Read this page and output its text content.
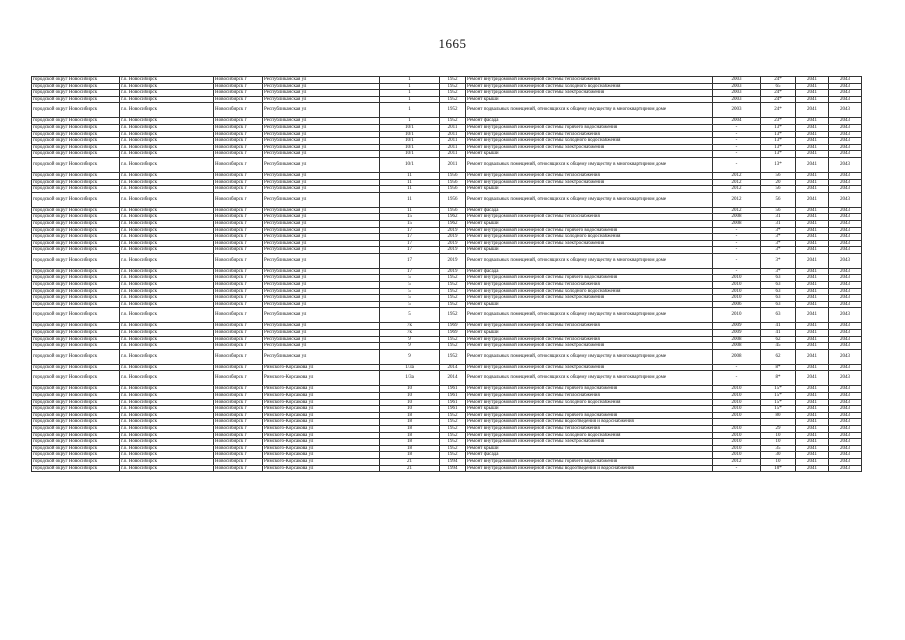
1665
городской округ Новосибирск	г.о. Новосибирск	Новосибирск г	Республиканская ул	1	1952	Ремонт внутридомовой инженерной системы теплоснабжения	2003	24*	2041	2043
городской округ Новосибирск	г.о. Новосибирск	Новосибирск г	Республиканская ул	1	1952	Ремонт внутридомовой инженерной системы холодного водоснабжения	2003	65	2041	2043
городской округ Новосибирск	г.о. Новосибирск	Новосибирск г	Республиканская ул	1	1952	Ремонт внутридомовой инженерной системы электроснабжения	2003	24*	2041	2043
городской округ Новосибирск	г.о. Новосибирск	Новосибирск г	Республиканская ул	1	1952	Ремонт крыши	2003	24*	2041	2043
городской округ Новосибирск	г.о. Новосибирск	Новосибирск г	Республиканская ул	1	1952	Ремонт подвальных помещений, относящихся к общему имуществу в многоквартирном доме	2003	24*	2041	2043
городской округ Новосибирск	г.о. Новосибирск	Новосибирск г	Республиканская ул	1	1952	Ремонт фасада	2004	23*	2041	2043
городской округ Новосибирск	г.о. Новосибирск	Новосибирск г	Республиканская ул	10/1	2011	Ремонт внутридомовой инженерной системы горячего водоснабжения	-	13*	2041	2043
городской округ Новосибирск	г.о. Новосибирск	Новосибирск г	Республиканская ул	10/1	2011	Ремонт внутридомовой инженерной системы теплоснабжения	-	13*	2041	2043
городской округ Новосибирск	г.о. Новосибирск	Новосибирск г	Республиканская ул	10/1	2011	Ремонт внутридомовой инженерной системы холодного водоснабжения	-	13*	2041	2043
городской округ Новосибирск	г.о. Новосибирск	Новосибирск г	Республиканская ул	10/1	2011	Ремонт внутридомовой инженерной системы электроснабжения	-	13*	2041	2043
городской округ Новосибирск	г.о. Новосибирск	Новосибирск г	Республиканская ул	10/1	2011	Ремонт крыши	-	13*	2041	2043
городской округ Новосибирск	г.о. Новосибирск	Новосибирск г	Республиканская ул	10/1	2011	Ремонт подвальных помещений, относящихся к общему имуществу в многоквартирном доме	-	13*	2041	2043
городской округ Новосибирск	г.о. Новосибирск	Новосибирск г	Республиканская ул	11	1956	Ремонт внутридомовой инженерной системы теплоснабжения	2012	56	2041	2043
городской округ Новосибирск	г.о. Новосибирск	Новосибирск г	Республиканская ул	11	1956	Ремонт внутридомовой инженерной системы электроснабжения	2012	20	2041	2043
городской округ Новосибирск	г.о. Новосибирск	Новосибирск г	Республиканская ул	11	1956	Ремонт крыши	2012	56	2041	2043
городской округ Новосибирск	г.о. Новосибирск	Новосибирск г	Республиканская ул	11	1956	Ремонт подвальных помещений, относящихся к общему имуществу в многоквартирном доме	2012	56	2041	2043
городской округ Новосибирск	г.о. Новосибирск	Новосибирск г	Республиканская ул	11	1956	Ремонт фасада	2012	56	2041	2043
городской округ Новосибирск	г.о. Новосибирск	Новосибирск г	Республиканская ул	15	1962	Ремонт внутридомовой инженерной системы теплоснабжения	2008	31	2041	2043
городской округ Новосибирск	г.о. Новосибирск	Новосибирск г	Республиканская ул	15	1962	Ремонт крыши	2008	31	2041	2043
городской округ Новосибирск	г.о. Новосибирск	Новосибирск г	Республиканская ул	17	2019	Ремонт внутридомовой инженерной системы горячего водоснабжения	-	3*	2041	2043
городской округ Новосибирск	г.о. Новосибирск	Новосибирск г	Республиканская ул	17	2019	Ремонт внутридомовой инженерной системы холодного водоснабжения	-	3*	2041	2043
городской округ Новосибирск	г.о. Новосибирск	Новосибирск г	Республиканская ул	17	2019	Ремонт внутридомовой инженерной системы электроснабжения	-	3*	2041	2043
городской округ Новосибирск	г.о. Новосибирск	Новосибирск г	Республиканская ул	17	2019	Ремонт крыши	-	3*	2041	2043
городской округ Новосибирск	г.о. Новосибирск	Новосибирск г	Республиканская ул	17	2019	Ремонт подвальных помещений, относящихся к общему имуществу в многоквартирном доме	-	3*	2041	2043
городской округ Новосибирск	г.о. Новосибирск	Новосибирск г	Республиканская ул	17	2019	Ремонт фасада	-	3*	2041	2043
городской округ Новосибирск	г.о. Новосибирск	Новосибирск г	Республиканская ул	5	1952	Ремонт внутридомовой инженерной системы горячего водоснабжения	2010	63	2041	2043
городской округ Новосибирск	г.о. Новосибирск	Новосибирск г	Республиканская ул	5	1952	Ремонт внутридомовой инженерной системы теплоснабжения	2010	63	2041	2043
городской округ Новосибирск	г.о. Новосибирск	Новосибирск г	Республиканская ул	5	1952	Ремонт внутридомовой инженерной системы холодного водоснабжения	2010	63	2041	2043
городской округ Новосибирск	г.о. Новосибирск	Новосибирск г	Республиканская ул	5	1952	Ремонт внутридомовой инженерной системы электроснабжения	2010	63	2041	2043
городской округ Новосибирск	г.о. Новосибирск	Новосибирск г	Республиканская ул	5	1952	Ремонт крыши	2006	63	2041	2043
городской округ Новосибирск	г.о. Новосибирск	Новосибирск г	Республиканская ул	5	1952	Ремонт подвальных помещений, относящихся к общему имуществу в многоквартирном доме	2010	63	2041	2043
городской округ Новосибирск	г.о. Новосибирск	Новосибирск г	Республиканская ул	7к	1969	Ремонт внутридомовой инженерной системы теплоснабжения	2009	41	2041	2043
городской округ Новосибирск	г.о. Новосибирск	Новосибирск г	Республиканская ул	7к	1969	Ремонт крыши	2009	41	2041	2043
городской округ Новосибирск	г.о. Новосибирск	Новосибирск г	Республиканская ул	9	1952	Ремонт внутридомовой инженерной системы теплоснабжения	2008	62	2041	2043
городской округ Новосибирск	г.о. Новосибирск	Новосибирск г	Республиканская ул	9	1952	Ремонт внутридомовой инженерной системы электроснабжения	2008	45	2041	2043
городской округ Новосибирск	г.о. Новосибирск	Новосибирск г	Республиканская ул	9	1952	Ремонт подвальных помещений, относящихся к общему имуществу в многоквартирном доме	2008	62	2041	2043
городской округ Новосибирск	г.о. Новосибирск	Новосибирск г	Римского-Корсакова ул	1/3а	2014	Ремонт внутридомовой инженерной системы электроснабжения	-	8*	2041	2043
городской округ Новосибирск	г.о. Новосибирск	Новосибирск г	Римского-Корсакова ул	1/3а	2014	Ремонт подвальных помещений, относящихся к общему имуществу в многоквартирном доме	-	8*	2041	2043
городской округ Новосибирск	г.о. Новосибирск	Новосибирск г	Римского-Корсакова ул	10	1961	Ремонт внутридомовой инженерной системы горячего водоснабжения	2010	15*	2041	2043
городской округ Новосибирск	г.о. Новосибирск	Новосибирск г	Римского-Корсакова ул	10	1961	Ремонт внутридомовой инженерной системы теплоснабжения	2010	15*	2041	2043
городской округ Новосибирск	г.о. Новосибирск	Новосибирск г	Римского-Корсакова ул	10	1961	Ремонт внутридомовой инженерной системы холодного водоснабжения	2010	15*	2041	2043
городской округ Новосибирск	г.о. Новосибирск	Новосибирск г	Римского-Корсакова ул	10	1961	Ремонт крыши	2010	15*	2041	2043
городской округ Новосибирск	г.о. Новосибирск	Новосибирск г	Римского-Корсакова ул	18	1952	Ремонт внутридомовой инженерной системы горячего водоснабжения	2010	80	2041	2043
городской округ Новосибирск	г.о. Новосибирск	Новосибирск г	Римского-Корсакова ул	18	1952	Ремонт внутридомовой инженерной системы водоотведения и водоснабжения			2041	2043
городской округ Новосибирск	г.о. Новосибирск	Новосибирск г	Римского-Корсакова ул	18	1952	Ремонт внутридомовой инженерной системы теплоснабжения	2010	29	2041	2043
городской округ Новосибирск	г.о. Новосибирск	Новосибирск г	Римского-Корсакова ул	18	1952	Ремонт внутридомовой инженерной системы холодного водоснабжения	2010	10	2041	2043
городской округ Новосибирск	г.о. Новосибирск	Новосибирск г	Римского-Корсакова ул	18	1952	Ремонт внутридомовой инженерной системы электроснабжения	2010	10	2041	2043
городской округ Новосибирск	г.о. Новосибирск	Новосибирск г	Римского-Корсакова ул	18	1952	Ремонт крыши	2010	35	2041	2043
городской округ Новосибирск	г.о. Новосибирск	Новосибирск г	Римского-Корсакова ул	18	1952	Ремонт фасада	2010	30	2041	2043
городской округ Новосибирск	г.о. Новосибирск	Новосибирск г	Римского-Корсакова ул	21	1994	Ремонт внутридомовой инженерной системы горячего водоснабжения	2012	10	2041	2043
городской округ Новосибирск	г.о. Новосибирск	Новосибирск г	Римского-Корсакова ул	21	1994	Ремонт внутридомовой инженерной системы водоотведения и водоснабжения	-	10*	2041	2043
